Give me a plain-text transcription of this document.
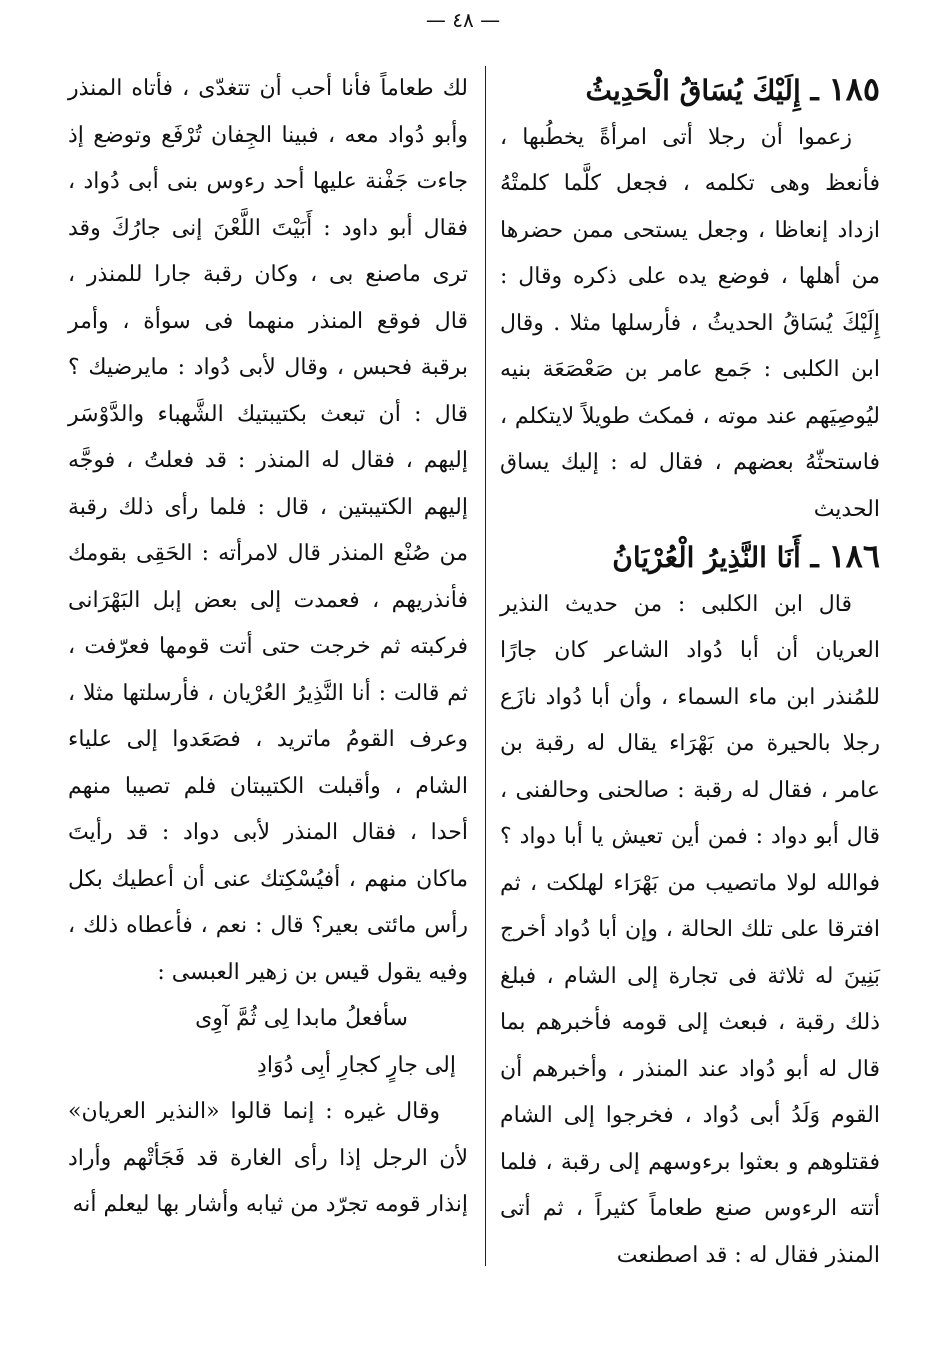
— ٤٨ —
١٨٥ ـ إِلَيْكَ يُسَاقُ الْحَدِيثُ

زعموا أن رجلا أتى امرأةً يخطُبها ، فأنعظ وهى تكلمه ، فجعل كلَّما كلمتْهُ ازداد إنعاظا ، وجعل يستحى ممن حضرها من أهلها ، فوضع يده على ذكره وقال : إِلَيْكَ يُسَاقُ الحديثُ ، فأرسلها مثلا . وقال ابن الكلبى : جَمع عامر بن صَعْصَعَة بنيه ليُوصِيَهم عند موته ، فمكث طويلاً لايتكلم ، فاستحثّهُ بعضهم ، فقال له : إليك يساق الحديث

١٨٦ ـ أَنَا النَّذِيرُ الْعُرْيَانُ

قال ابن الكلبى : من حديث النذير العريان أن أبا دُواد الشاعر كان جارًا للمُنذر ابن ماء السماء ، وأن أبا دُواد نازَع رجلا بالحيرة من بَهْرَاء يقال له رقبة بن عامر ، فقال له رقبة : صالحنى وحالفنى ، قال أبو دواد : فمن أين تعيش يا أبا دواد ؟ فوالله لولا ماتصيب من بَهْرَاء لهلكت ، ثم افترقا على تلك الحالة ، وإن أبا دُواد أخرج بَنِينَ له ثلاثة فى تجارة إلى الشام ، فبلغ ذلك رقبة ، فبعث إلى قومه فأخبرهم بما قال له أبو دُواد عند المنذر ، وأخبرهم أن القوم وَلَدُ أبى دُواد ، فخرجوا إلى الشام فقتلوهم و بعثوا برءوسهم إلى رقبة ، فلما أتته الرءوس صنع طعاماً كثيراً ، ثم أتى المنذر فقال له : قد اصطنعت

لك طعاماً فأنا أحب أن تتغدّى ، فأتاه المنذر وأبو دُواد معه ، فبينا الجِفان تُرْفَع وتوضع إذ جاءت جَفْنة عليها أحد رءوس بنى أبى دُواد ، فقال أبو داود : أَبَيْتَ اللَّعْنَ إنى جارُكَ وقد ترى ماصنع بى ، وكان رقبة جارا للمنذر ، قال فوقع المنذر منهما فى سوأة ، وأمر برقبة فحبس ، وقال لأبى دُواد : مايرضيك ؟ قال : أن تبعث بكتيبتيك الشَّهباء والدَّوْسَر إليهم ، فقال له المنذر : قد فعلتُ ، فوجَّه إليهم الكتيبتين ، قال : فلما رأى ذلك رقبة من صُنْع المنذر قال لامرأته : الحَقِى بقومك فأنذريهم ، فعمدت إلى بعض إبل البَهْرَانى فركبته ثم خرجت حتى أتت قومها فعرّفت ، ثم قالت : أنا النَّذِيرُ العُرْيان ، فأرسلتها مثلا ، وعرف القومُ ماتريد ، فصَعَدوا إلى علياء الشام ، وأقبلت الكتيبتان فلم تصيبا منهم أحدا ، فقال المنذر لأبى دواد : قد رأيتَ ماكان منهم ، أفيُسْكِتك عنى أن أعطيك بكل رأس مائتى بعير؟ قال : نعم ، فأعطاه ذلك ، وفيه يقول قيس بن زهير العبسى :

سأفعلُ مابدا لِى ثُمَّ آوِى

إلى جارٍ كجارِ أبِى دُوَادِ

وقال غيره : إنما قالوا «النذير العريان» لأن الرجل إذا رأى الغارة قد فَجَأتْهم وأراد إنذار قومه تجرّد من ثيابه وأشار بها ليعلم أنه
